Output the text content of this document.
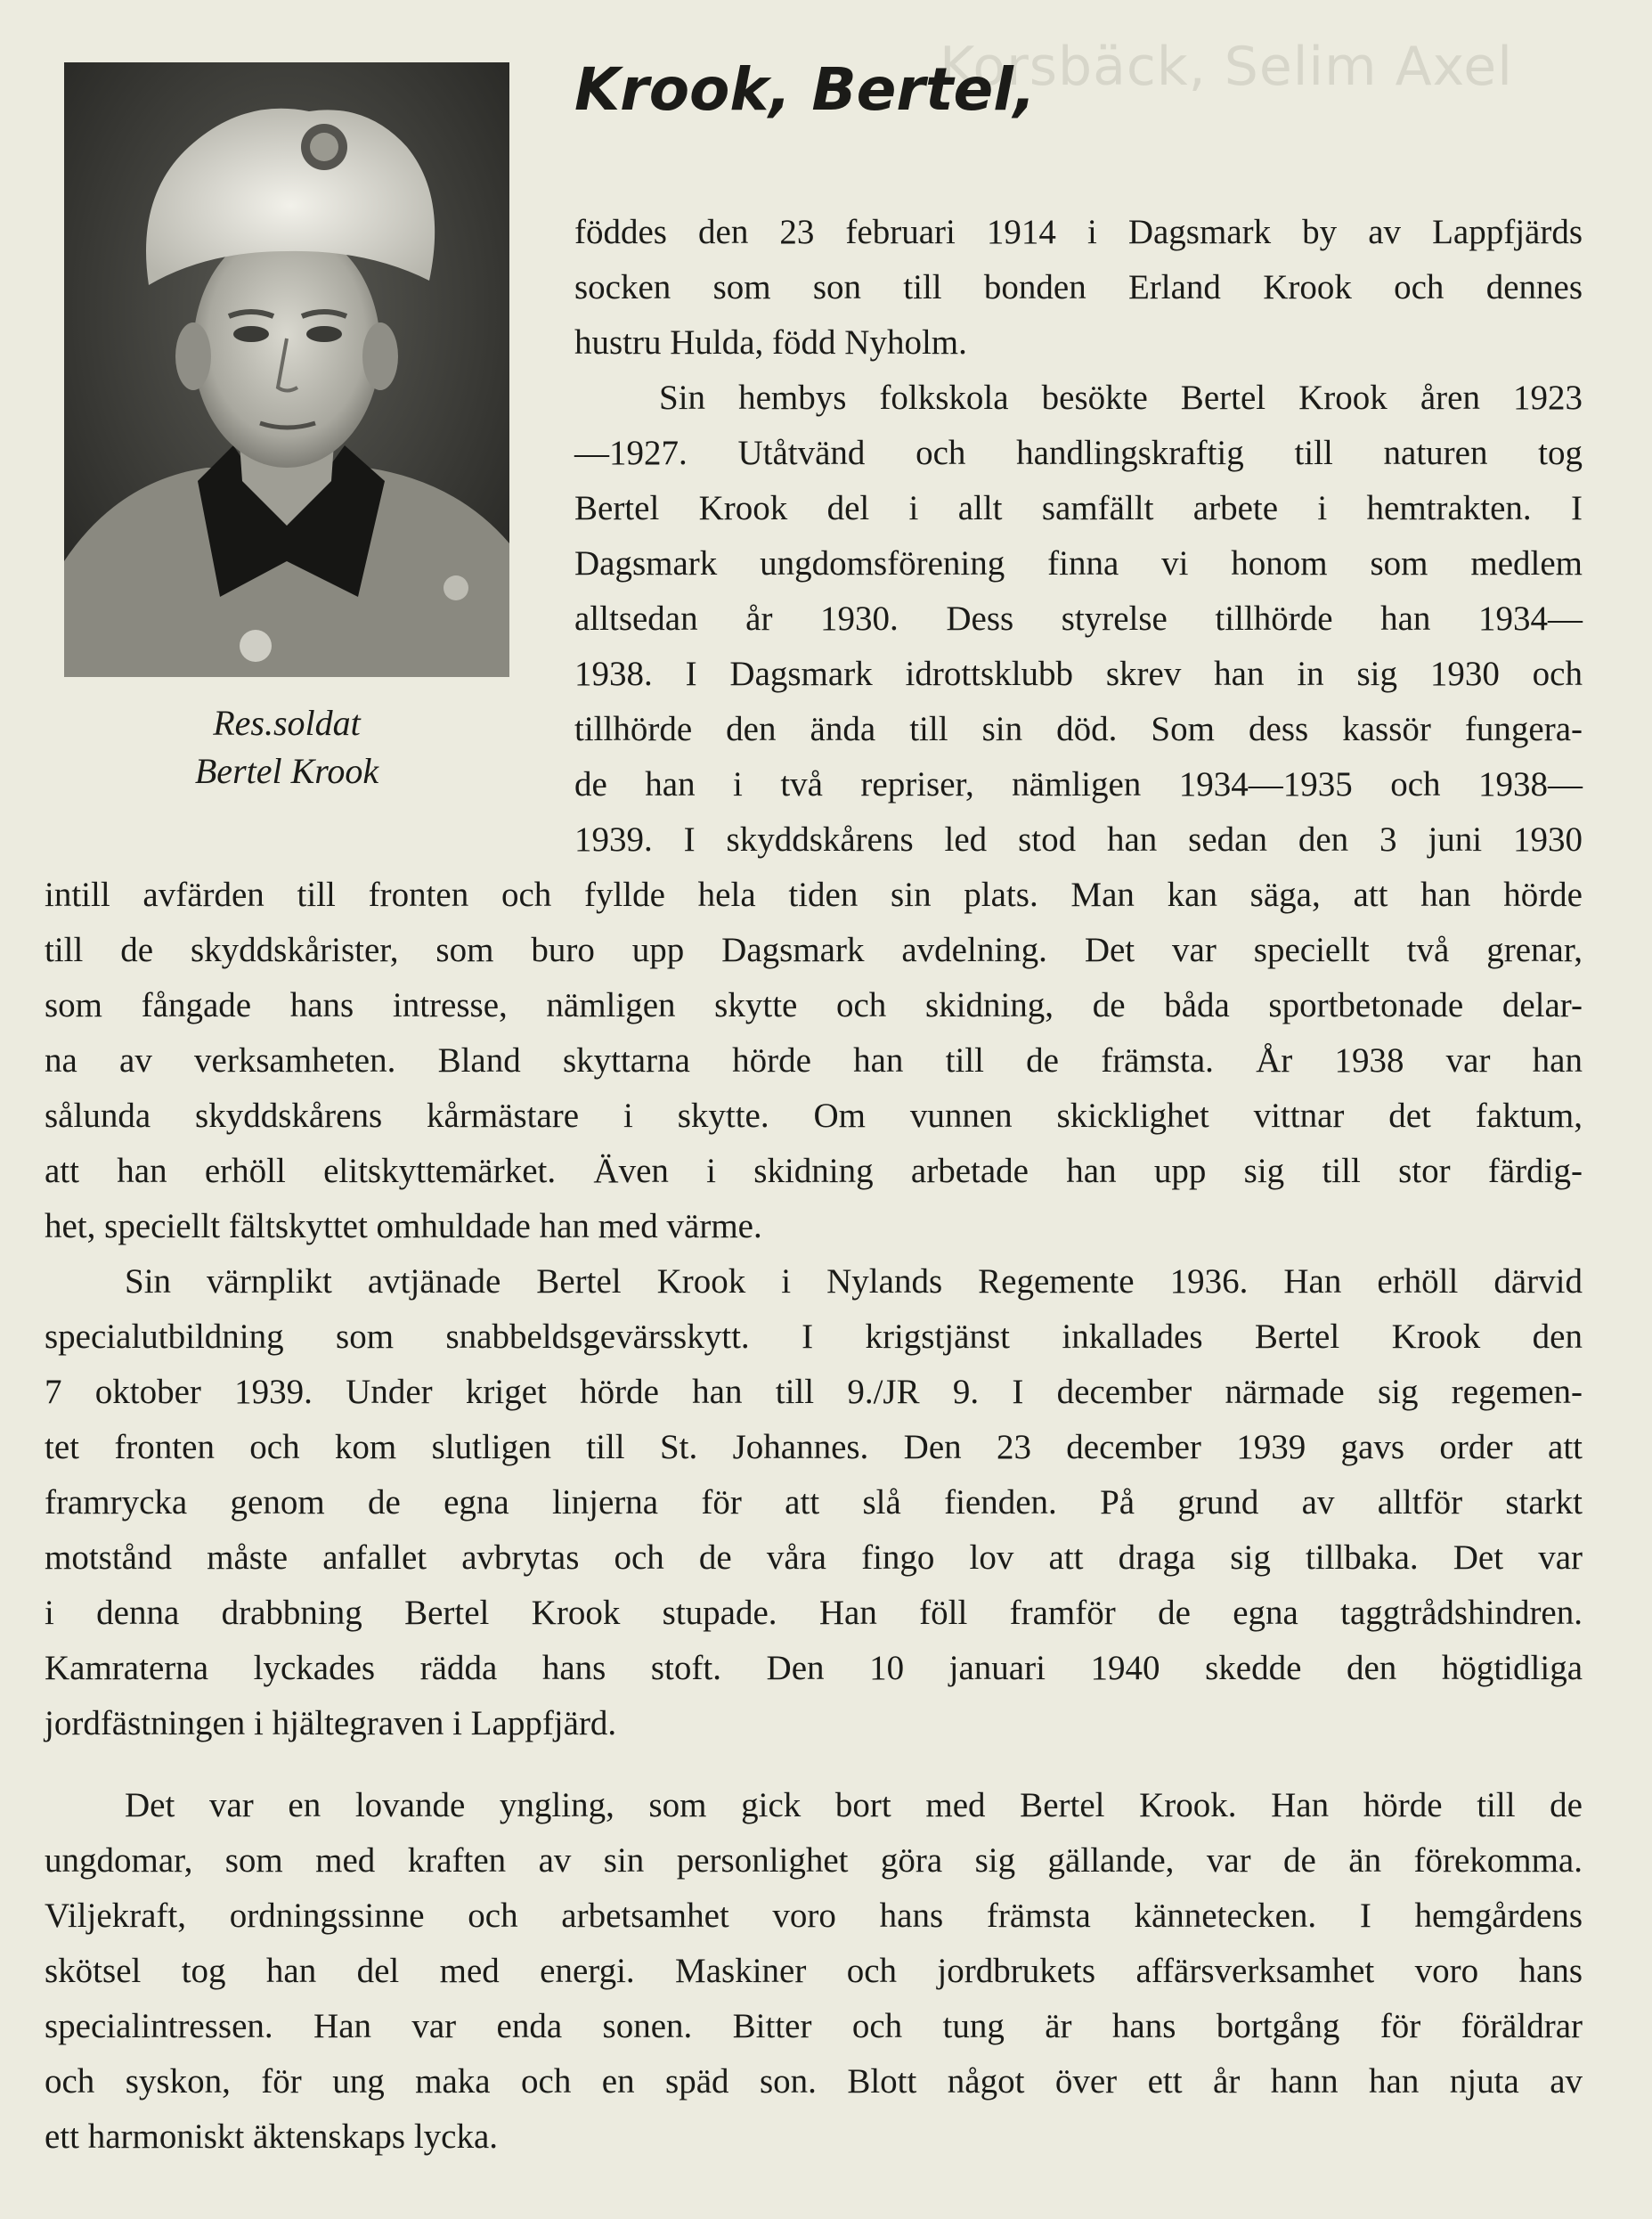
Korsbäck, Selim Axel
Res.soldat
Bertel Krook
Krook, Bertel,
föddes den 23 februari 1914 i Dagsmark by av Lappfjärds
socken som son till bonden Erland Krook och dennes
hustru Hulda, född Nyholm.
Sin hembys folkskola besökte Bertel Krook åren 1923
—1927. Utåtvänd och handlingskraftig till naturen tog
Bertel Krook del i allt samfällt arbete i hemtrakten. I
Dagsmark ungdomsförening finna vi honom som medlem
alltsedan år 1930. Dess styrelse tillhörde han 1934—
1938. I Dagsmark idrottsklubb skrev han in sig 1930 och
tillhörde den ända till sin död. Som dess kassör fungera-
de han i två repriser, nämligen 1934—1935 och 1938—
1939. I skyddskårens led stod han sedan den 3 juni 1930
intill avfärden till fronten och fyllde hela tiden sin plats. Man kan säga, att han hörde
till de skyddskårister, som buro upp Dagsmark avdelning. Det var speciellt två grenar,
som fångade hans intresse, nämligen skytte och skidning, de båda sportbetonade delar-
na av verksamheten. Bland skyttarna hörde han till de främsta. År 1938 var han
sålunda skyddskårens kårmästare i skytte. Om vunnen skicklighet vittnar det faktum,
att han erhöll elitskyttemärket. Även i skidning arbetade han upp sig till stor färdig-
het, speciellt fältskyttet omhuldade han med värme.
Sin värnplikt avtjänade Bertel Krook i Nylands Regemente 1936. Han erhöll därvid
specialutbildning som snabbeldsgevärsskytt. I krigstjänst inkallades Bertel Krook den
7 oktober 1939. Under kriget hörde han till 9./JR 9. I december närmade sig regemen-
tet fronten och kom slutligen till St. Johannes. Den 23 december 1939 gavs order att
framrycka genom de egna linjerna för att slå fienden. På grund av alltför starkt
motstånd måste anfallet avbrytas och de våra fingo lov att draga sig tillbaka. Det var
i denna drabbning Bertel Krook stupade. Han föll framför de egna taggtrådshindren.
Kamraterna lyckades rädda hans stoft. Den 10 januari 1940 skedde den högtidliga
jordfästningen i hjältegraven i Lappfjärd.
Det var en lovande yngling, som gick bort med Bertel Krook. Han hörde till de
ungdomar, som med kraften av sin personlighet göra sig gällande, var de än förekomma.
Viljekraft, ordningssinne och arbetsamhet voro hans främsta kännetecken. I hemgårdens
skötsel tog han del med energi. Maskiner och jordbrukets affärsverksamhet voro hans
specialintressen. Han var enda sonen. Bitter och tung är hans bortgång för föräldrar
och syskon, för ung maka och en späd son. Blott något över ett år hann han njuta av
ett harmoniskt äktenskaps lycka.
